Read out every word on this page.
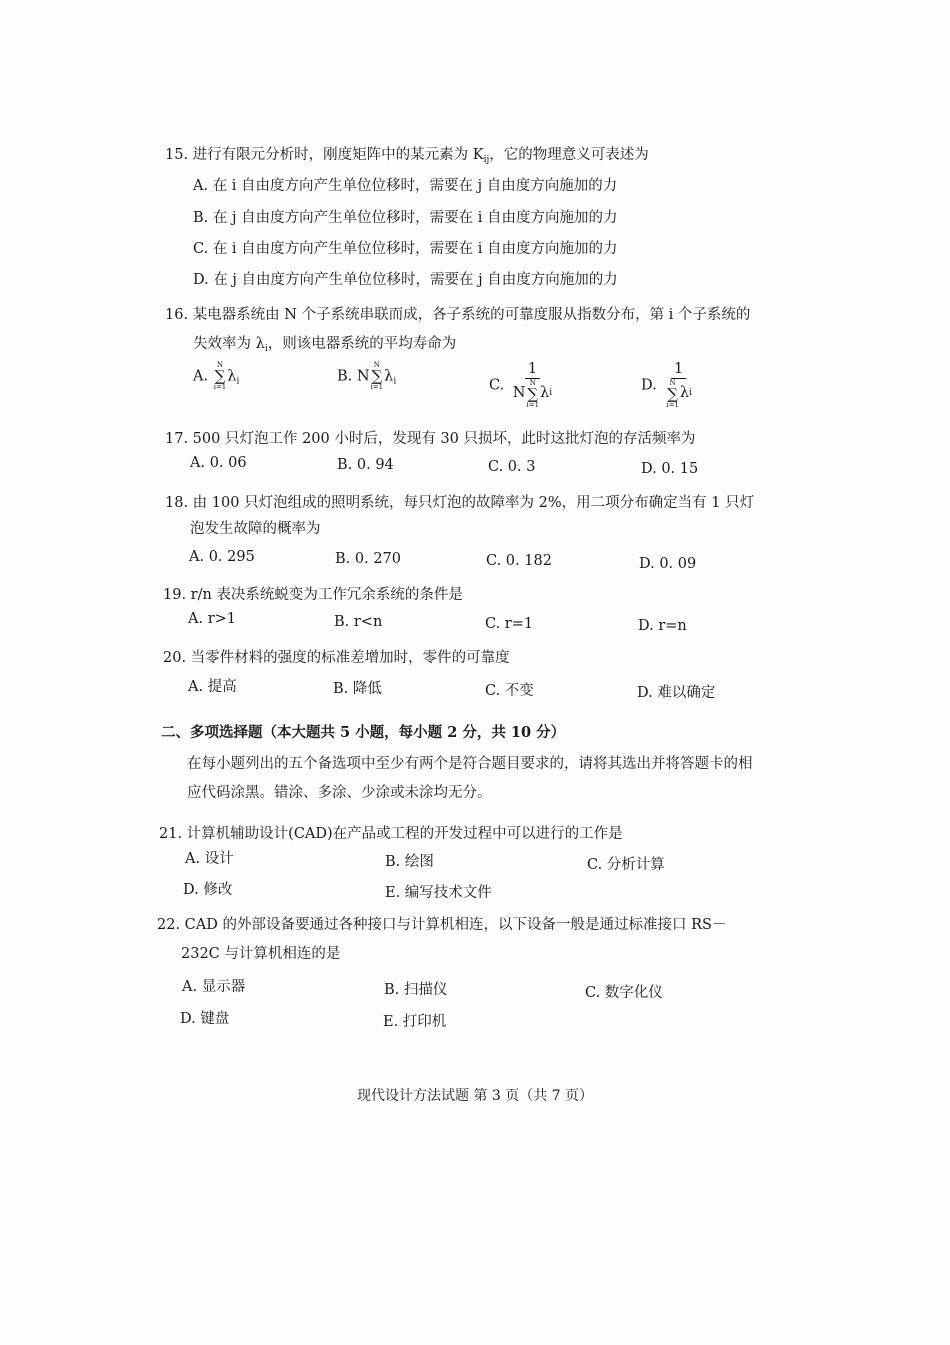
15. 进行有限元分析时，刚度矩阵中的某元素为 $K_{ij}$，它的物理意义可表述为
A. 在 i 自由度方向产生单位位移时，需要在 j 自由度方向施加的力
B. 在 j 自由度方向产生单位位移时，需要在 i 自由度方向施加的力
C. 在 i 自由度方向产生单位位移时，需要在 i 自由度方向施加的力
D. 在 j 自由度方向产生单位位移时，需要在 j 自由度方向施加的力
16. 某电器系统由 N 个子系统串联而成，各子系统的可靠度服从指数分布，第 i 个子系统的
失效率为 $\lambda_i$，则该电器系统的平均寿命为
A.
N
∑
i=1
$\lambda_i$	B. N
N
∑
i=1
$\lambda_i$	C. 1
N
N
∑
i=1
λ i	D. 1
N
∑
i=1
λ i
17. 500 只灯泡工作 200 小时后，发现有 30 只损坏，此时这批灯泡的存活频率为
A. 0. 06	B. 0. 94	C. 0. 3	D. 0. 15
18. 由 100 只灯泡组成的照明系统，每只灯泡的故障率为 2%，用二项分布确定当有 1 只灯
泡发生故障的概率为
A. 0. 295	B. 0. 270	C. 0. 182	D. 0. 09
19. r/n 表决系统蜕变为工作冗余系统的条件是
A. r>1	B. r<n	C. r=1	D. r=n
20. 当零件材料的强度的标准差增加时，零件的可靠度
A. 提高	B. 降低	C. 不变	D. 难以确定
二、多项选择题（本大题共 5 小题，每小题 2 分，共 10 分）
在每小题列出的五个备选项中至少有两个是符合题目要求的，请将其选出并将答题卡的相
应代码涂黑。错涂、多涂、少涂或未涂均无分。
21. 计算机辅助设计(CAD)在产品或工程的开发过程中可以进行的工作是
A. 设计	B. 绘图	C. 分析计算
D. 修改	E. 编写技术文件
22. CAD 的外部设备要通过各种接口与计算机相连，以下设备一般是通过标准接口 RS－
232C 与计算机相连的是
A. 显示器	B. 扫描仪	C. 数字化仪
D. 键盘	E. 打印机
现代设计方法试题 第 3 页（共 7 页）
